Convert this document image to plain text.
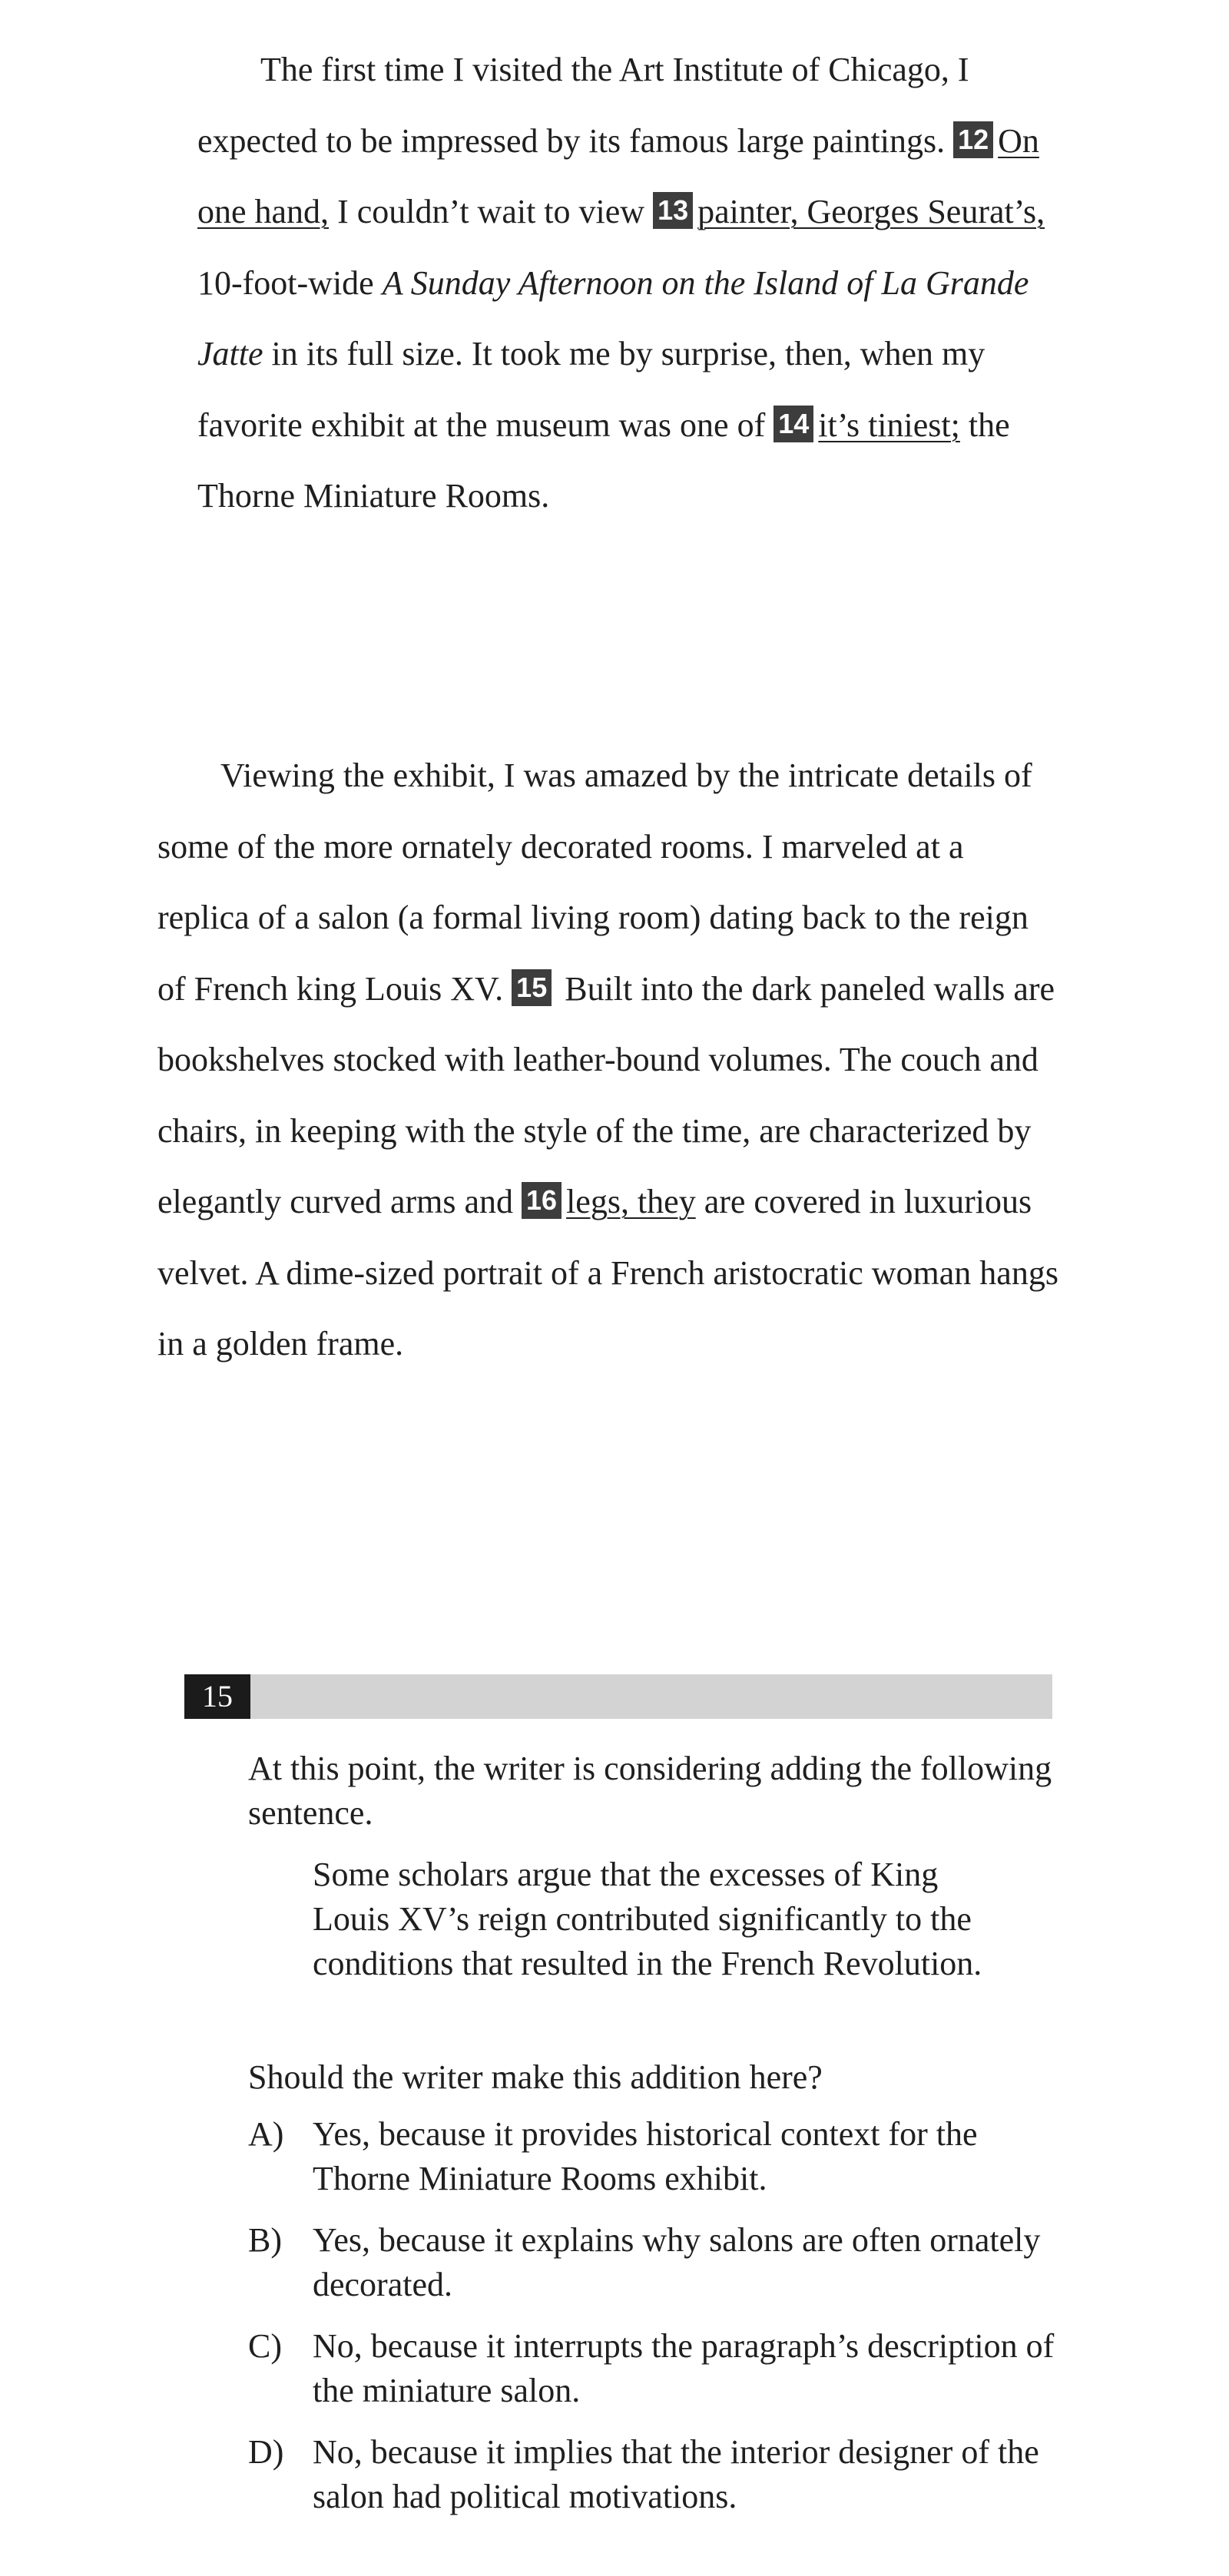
The first time I visited the Art Institute of Chicago, I expected to be impressed by its famous large paintings. 12 On one hand, I couldn’t wait to view 13 painter, Georges Seurat’s, 10-foot-wide A Sunday Afternoon on the Island of La Grande Jatte in its full size. It took me by surprise, then, when my favorite exhibit at the museum was one of 14 it’s tiniest; the Thorne Miniature Rooms.

Viewing the exhibit, I was amazed by the intricate details of some of the more ornately decorated rooms. I marveled at a replica of a salon (a formal living room) dating back to the reign of French king Louis XV. 15 Built into the dark paneled walls are bookshelves stocked with leather-bound volumes. The couch and chairs, in keeping with the style of the time, are characterized by elegantly curved arms and 16 legs, they are covered in luxurious velvet. A dime-sized portrait of a French aristocratic woman hangs in a golden frame.

15

At this point, the writer is considering adding the following sentence.

Some scholars argue that the excesses of King Louis XV’s reign contributed significantly to the conditions that resulted in the French Revolution.

Should the writer make this addition here?

A) Yes, because it provides historical context for the Thorne Miniature Rooms exhibit.
B) Yes, because it explains why salons are often ornately decorated.
C) No, because it interrupts the paragraph’s description of the miniature salon.
D) No, because it implies that the interior designer of the salon had political motivations.
